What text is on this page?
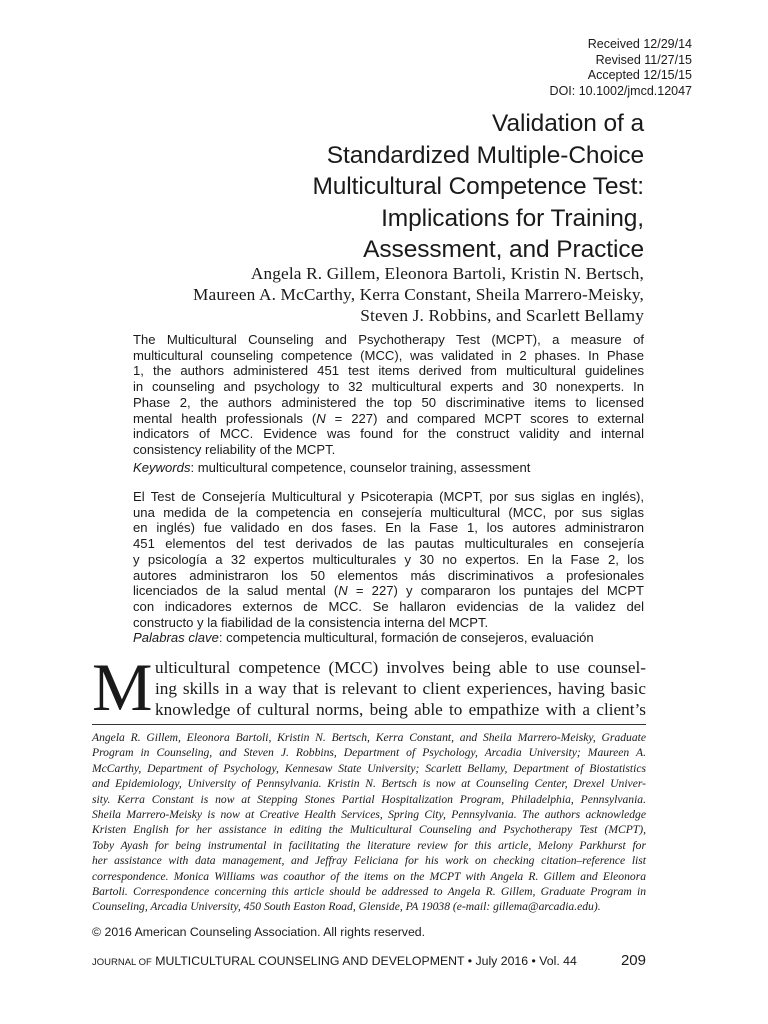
Received 12/29/14
Revised 11/27/15
Accepted 12/15/15
DOI: 10.1002/jmcd.12047
Validation of a
Standardized Multiple-Choice
Multicultural Competence Test:
Implications for Training,
Assessment, and Practice
Angela R. Gillem, Eleonora Bartoli, Kristin N. Bertsch,
Maureen A. McCarthy, Kerra Constant, Sheila Marrero-Meisky,
Steven J. Robbins, and Scarlett Bellamy
The Multicultural Counseling and Psychotherapy Test (MCPT), a measure of
multicultural counseling competence (MCC), was validated in 2 phases. In Phase
1, the authors administered 451 test items derived from multicultural guidelines
in counseling and psychology to 32 multicultural experts and 30 nonexperts. In
Phase 2, the authors administered the top 50 discriminative items to licensed
mental health professionals (N = 227) and compared MCPT scores to external
indicators of MCC. Evidence was found for the construct validity and internal
consistency reliability of the MCPT.
Keywords: multicultural competence, counselor training, assessment
El Test de Consejería Multicultural y Psicoterapia (MCPT, por sus siglas en inglés),
una medida de la competencia en consejería multicultural (MCC, por sus siglas
en inglés) fue validado en dos fases. En la Fase 1, los autores administraron
451 elementos del test derivados de las pautas multiculturales en consejería
y psicología a 32 expertos multiculturales y 30 no expertos. En la Fase 2, los
autores administraron los 50 elementos más discriminativos a profesionales
licenciados de la salud mental (N = 227) y compararon los puntajes del MCPT
con indicadores externos de MCC. Se hallaron evidencias de la validez del
constructo y la fiabilidad de la consistencia interna del MCPT.
Palabras clave: competencia multicultural, formación de consejeros, evaluación
M ulticultural competence (MCC) involves being able to use counsel-
ing skills in a way that is relevant to client experiences, having basic
knowledge of cultural norms, being able to empathize with a client’s
Angela R. Gillem, Eleonora Bartoli, Kristin N. Bertsch, Kerra Constant, and Sheila Marrero-Meisky, Graduate
Program in Counseling, and Steven J. Robbins, Department of Psychology, Arcadia University; Maureen A.
McCarthy, Department of Psychology, Kennesaw State University; Scarlett Bellamy, Department of Biostatistics
and Epidemiology, University of Pennsylvania. Kristin N. Bertsch is now at Counseling Center, Drexel Univer-
sity. Kerra Constant is now at Stepping Stones Partial Hospitalization Program, Philadelphia, Pennsylvania.
Sheila Marrero-Meisky is now at Creative Health Services, Spring City, Pennsylvania. The authors acknowledge
Kristen English for her assistance in editing the Multicultural Counseling and Psychotherapy Test (MCPT),
Toby Ayash for being instrumental in facilitating the literature review for this article, Melony Parkhurst for
her assistance with data management, and Jeffray Feliciana for his work on checking citation–reference list
correspondence. Monica Williams was coauthor of the items on the MCPT with Angela R. Gillem and Eleonora
Bartoli. Correspondence concerning this article should be addressed to Angela R. Gillem, Graduate Program in
Counseling, Arcadia University, 450 South Easton Road, Glenside, PA 19038 (e-mail: gillema@arcadia.edu).
© 2016 American Counseling Association. All rights reserved.
JOURNAL OF MULTICULTURAL COUNSELING AND DEVELOPMENT • July 2016 • Vol. 44	209
